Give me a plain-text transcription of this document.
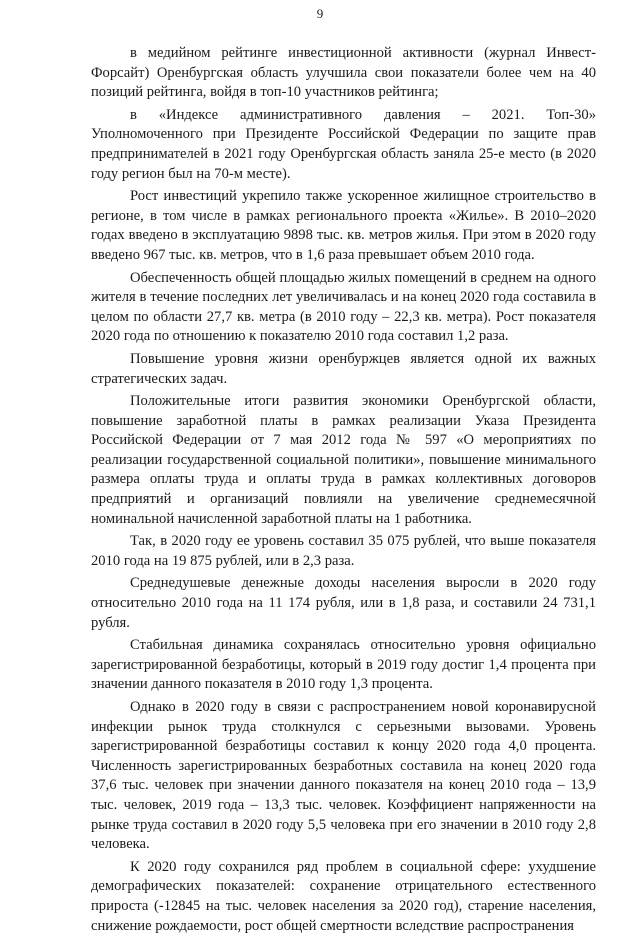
9

в медийном рейтинге инвестиционной активности (журнал Инвест-Форсайт) Оренбургская область улучшила свои показатели более чем на 40 позиций рейтинга, войдя в топ-10 участников рейтинга;

в «Индексе административного давления – 2021. Топ-30» Уполномоченного при Президенте Российской Федерации по защите прав предпринимателей в 2021 году Оренбургская область заняла 25-е место (в 2020 году регион был на 70-м месте).

Рост инвестиций укрепило также ускоренное жилищное строительство в регионе, в том числе в рамках регионального проекта «Жилье». В 2010–2020 годах введено в эксплуатацию 9898 тыс. кв. метров жилья. При этом в 2020 году введено 967 тыс. кв. метров, что в 1,6 раза превышает объем 2010 года.

Обеспеченность общей площадью жилых помещений в среднем на одного жителя в течение последних лет увеличивалась и на конец 2020 года составила в целом по области 27,7 кв. метра (в 2010 году – 22,3 кв. метра). Рост показателя 2020 года по отношению к показателю 2010 года составил 1,2 раза.

Повышение уровня жизни оренбуржцев является одной их важных стратегических задач.

Положительные итоги развития экономики Оренбургской области, повышение заработной платы в рамках реализации Указа Президента Российской Федерации от 7 мая 2012 года № 597 «О мероприятиях по реализации государственной социальной политики», повышение минимального размера оплаты труда и оплаты труда в рамках коллективных договоров предприятий и организаций повлияли на увеличение среднемесячной номинальной начисленной заработной платы на 1 работника.

Так, в 2020 году ее уровень составил 35 075 рублей, что выше показателя 2010 года на 19 875 рублей, или в 2,3 раза.

Среднедушевые денежные доходы населения выросли в 2020 году относительно 2010 года на 11 174 рубля, или в 1,8 раза, и составили 24 731,1 рубля.

Стабильная динамика сохранялась относительно уровня официально зарегистрированной безработицы, который в 2019 году достиг 1,4 процента при значении данного показателя в 2010 году 1,3 процента.

Однако в 2020 году в связи с распространением новой коронавирусной инфекции рынок труда столкнулся с серьезными вызовами. Уровень зарегистрированной безработицы составил к концу 2020 года 4,0 процента. Численность зарегистрированных безработных составила на конец 2020 года 37,6 тыс. человек при значении данного показателя на конец 2010 года – 13,9 тыс. человек, 2019 года – 13,3 тыс. человек. Коэффициент напряженности на рынке труда составил в 2020 году 5,5 человека при его значении в 2010 году 2,8 человека.

К 2020 году сохранился ряд проблем в социальной сфере: ухудшение демографических показателей: сохранение отрицательного естественного прироста (-12845 на тыс. человек населения за 2020 год), старение населения, снижение рождаемости, рост общей смертности вследствие распространения
